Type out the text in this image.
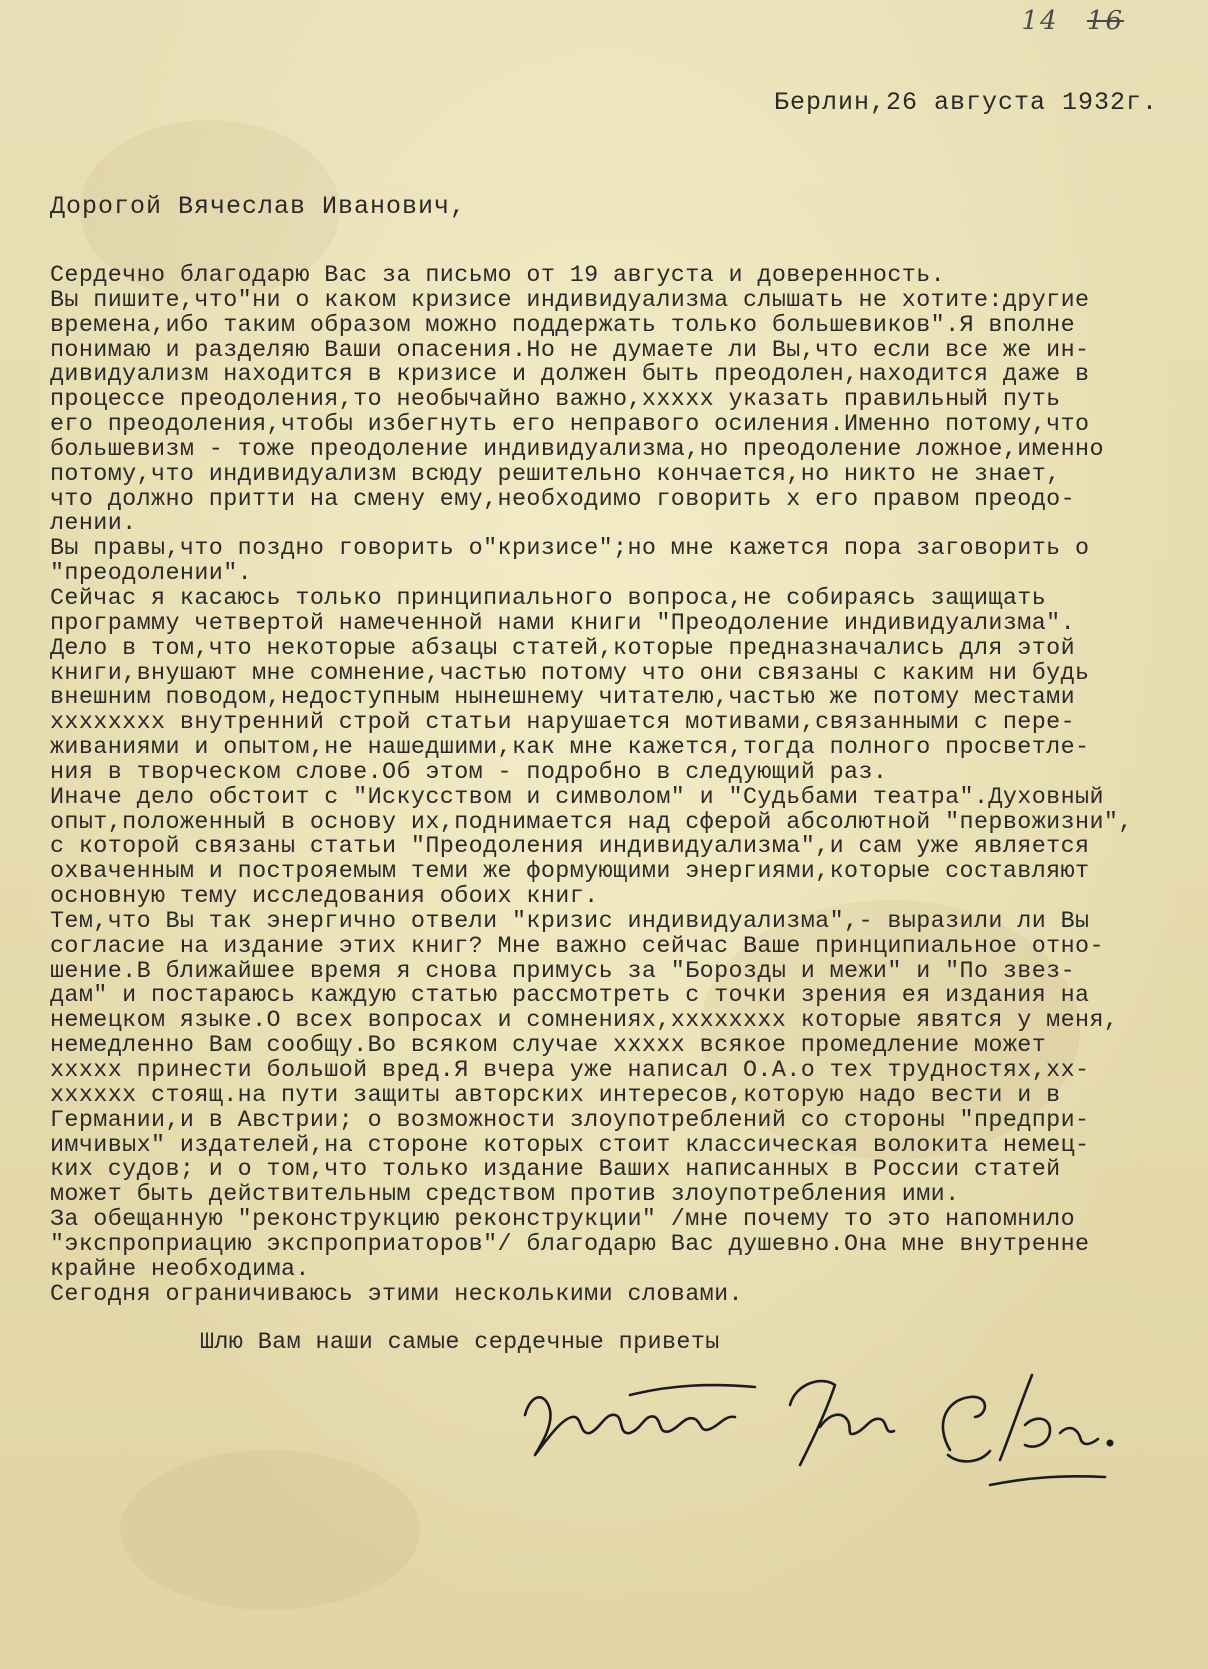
14 16
Берлин,26 августа 1932г.
Дорогой Вячеслав Иванович,
Сердечно благодарю Вас за письмо от 19 августа и доверенность.
Вы пишите,что"ни о каком кризисе индивидуализма слышать не хотите:другие
времена,ибо таким образом можно поддержать только большевиков".Я вполне
понимаю и разделяю Ваши опасения.Но не думаете ли Вы,что если все же ин-
дивидуализм находится в кризисе и должен быть преодолен,находится даже в
процессе преодоления,то необычайно важно,ххххх указать правильный путь
его преодоления,чтобы избегнуть его неправого осиления.Именно потому,что
большевизм - тоже преодоление индивидуализма,но преодоление ложное,именно
потому,что индивидуализм всюду решительно кончается,но никто не знает,
что должно притти на смену ему,необходимо говорить х его правом преодо-
лении.
Вы правы,что поздно говорить о"кризисе";но мне кажется пора заговорить о
"преодолении".
Сейчас я касаюсь только принципиального вопроса,не собираясь защищать
программу четвертой намеченной нами книги "Преодоление индивидуализма".
Дело в том,что некоторые абзацы статей,которые предназначались для этой
книги,внушают мне сомнение,частью потому что они связаны с каким ни будь
внешним поводом,недоступным нынешнему читателю,частью же потому местами
хххххххх внутренний строй статьи нарушается мотивами,связанными с пере-
живаниями и опытом,не нашедшими,как мне кажется,тогда полного просветле-
ния в творческом слове.Об этом - подробно в следующий раз.
Иначе дело обстоит с "Искусством и символом" и "Судьбами театра".Духовный
опыт,положенный в основу их,поднимается над сферой абсолютной "первожизни",
с которой связаны статьи "Преодоления индивидуализма",и сам уже является
охваченным и построяемым теми же формующими энергиями,которые составляют
основную тему исследования обоих книг.
Тем,что Вы так энергично отвели "кризис индивидуализма",- выразили ли Вы
согласие на издание этих книг? Мне важно сейчас Ваше принципиальное отно-
шение.В ближайшее время я снова примусь за "Борозды и межи" и "По звез-
дам" и постараюсь каждую статью рассмотреть с точки зрения ея издания на
немецком языке.О всех вопросах и сомнениях,хххххххх которые явятся у меня,
немедленно Вам сообщу.Во всяком случае ххххх всякое промедление может
ххххх принести большой вред.Я вчера уже написал О.А.о тех трудностях,хх-
хххххх стоящ.на пути защиты авторских интересов,которую надо вести и в
Германии,и в Австрии; о возможности злоупотреблений со стороны "предпри-
имчивых" издателей,на стороне которых стоит классическая волокита немец-
ких судов; и о том,что только издание Ваших написанных в России статей
может быть действительным средством против злоупотребления ими.
За обещанную "реконструкцию реконструкции" /мне почему то это напомнило
"экспроприацию экспроприаторов"/ благодарю Вас душевно.Она мне внутренне
крайне необходима.
Сегодня ограничиваюсь этими несколькими словами.
Шлю Вам наши самые сердечные приветы
